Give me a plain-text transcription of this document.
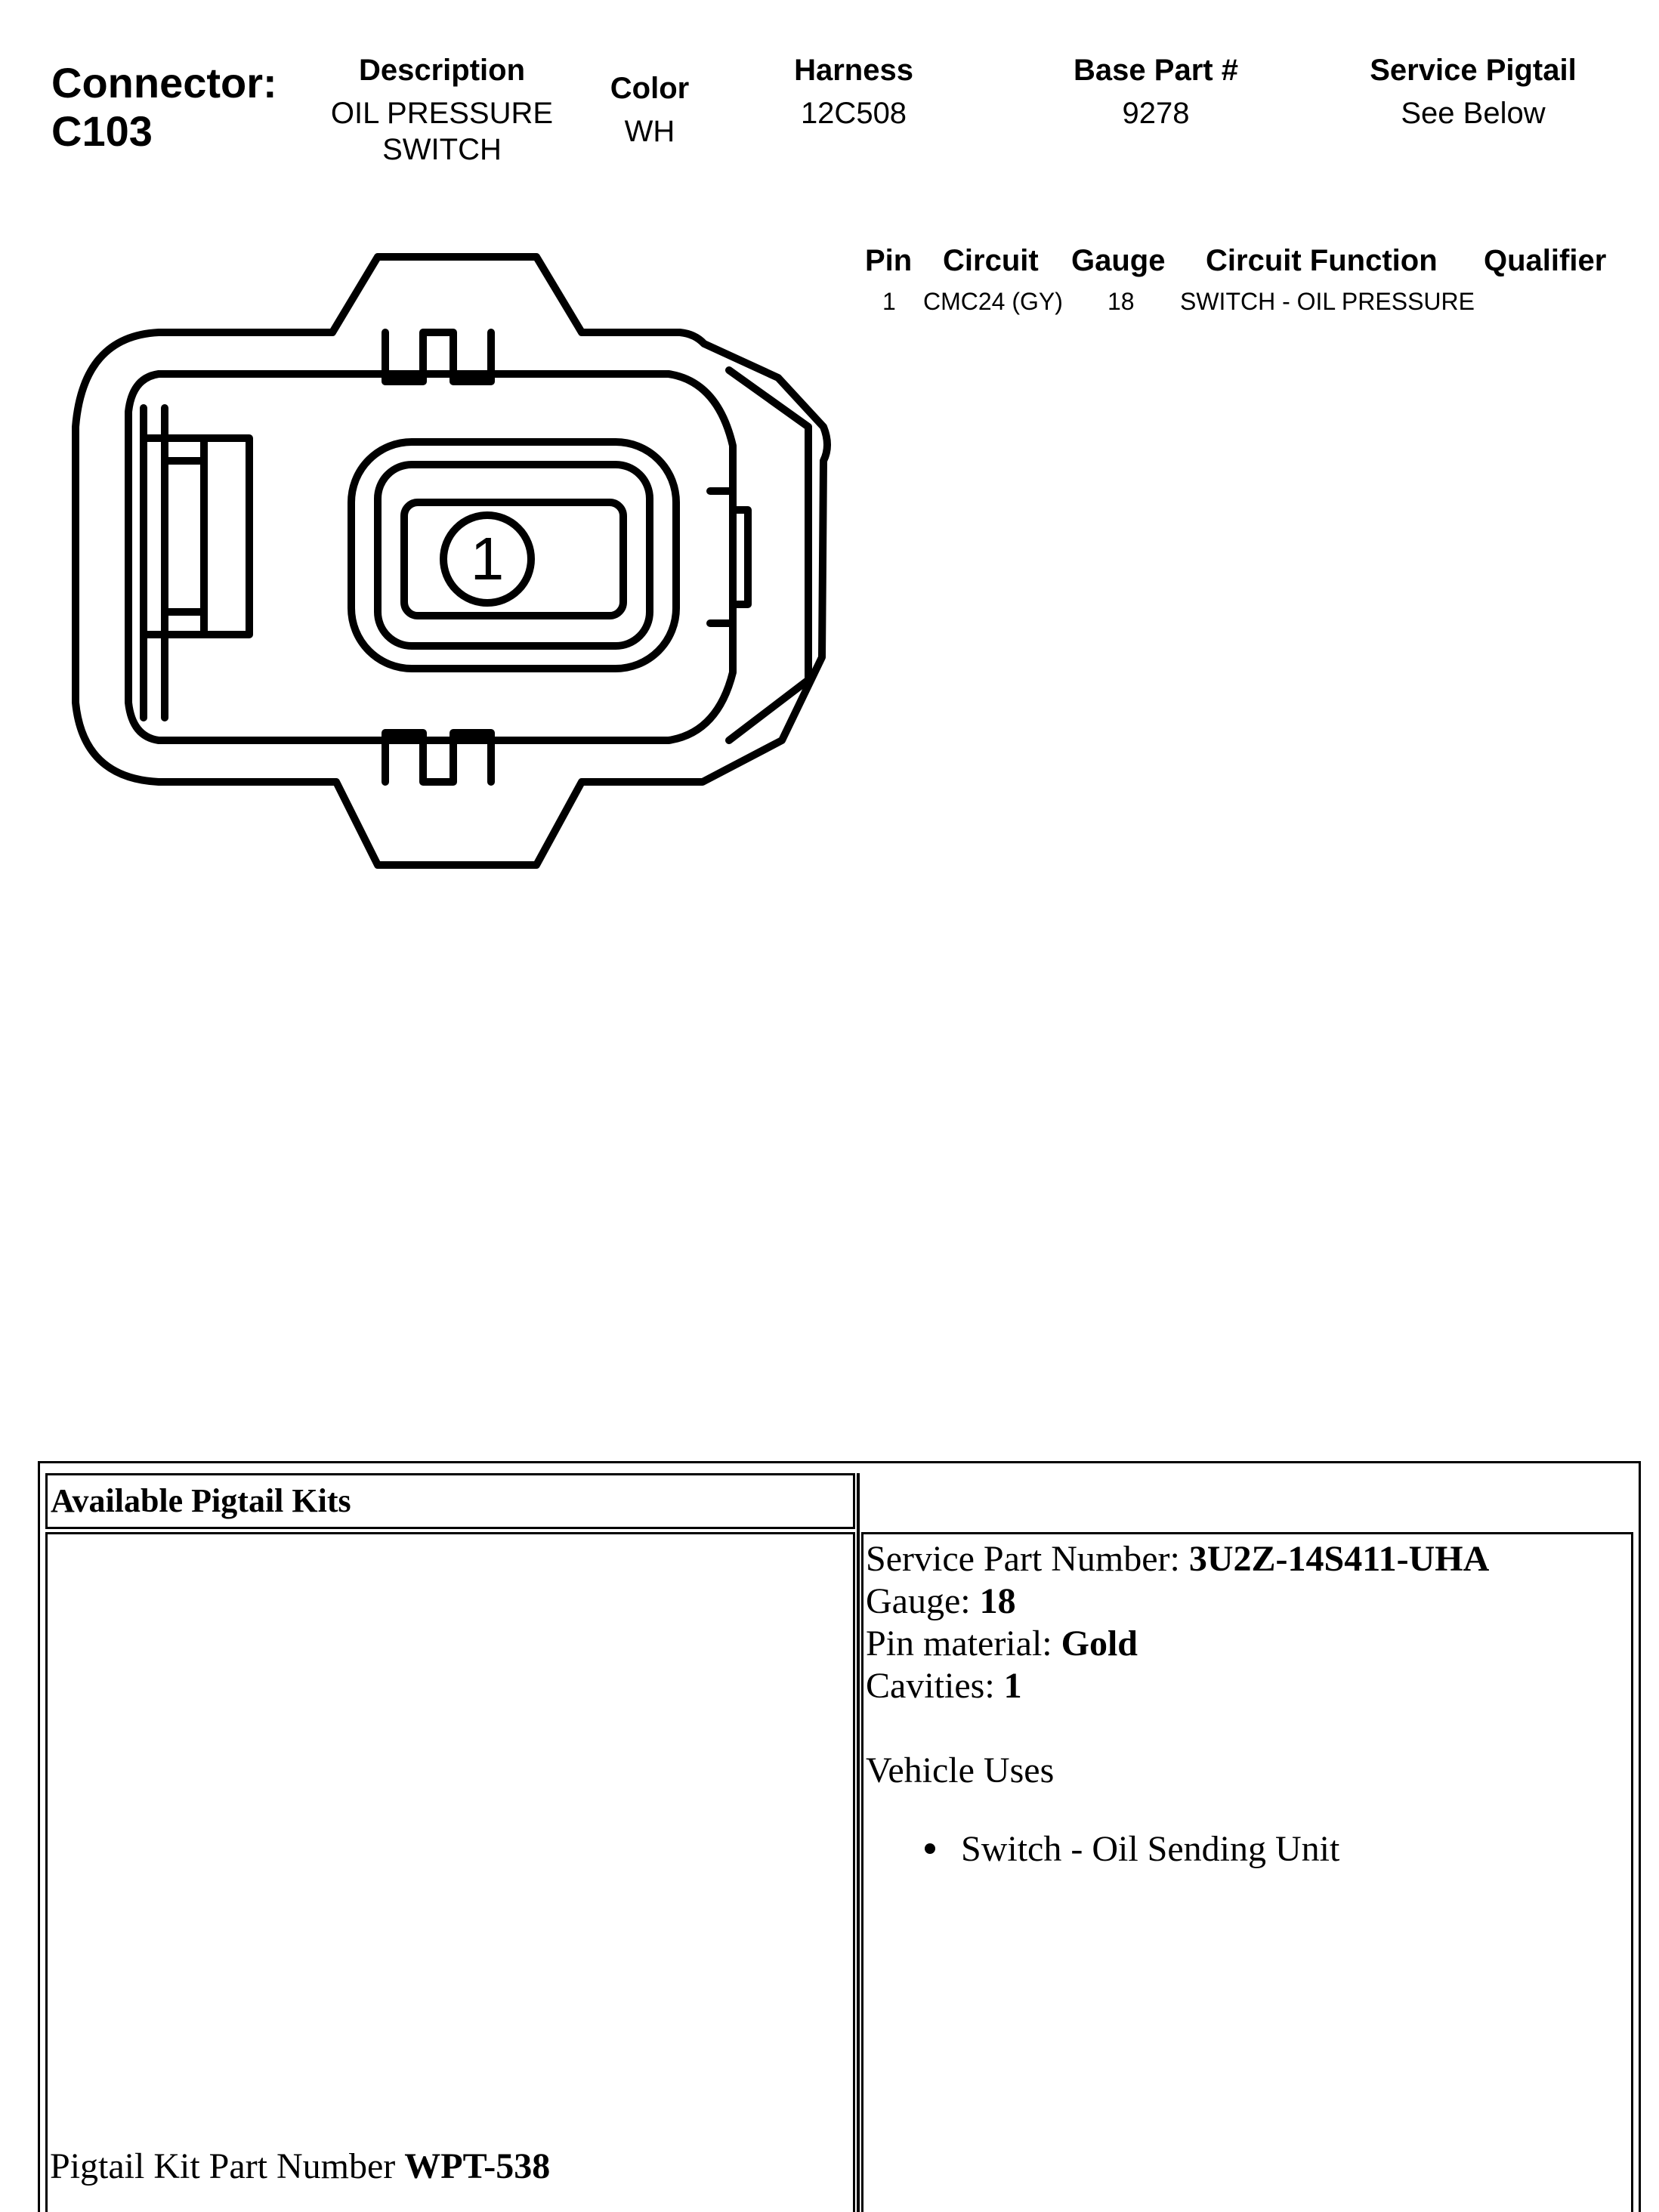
Connector:
C103
Description
OIL PRESSURE
SWITCH
Color
WH
Harness
12C508
Base Part #
9278
Service Pigtail
See Below
Pin Circuit Gauge Circuit Function Qualifier
1 CMC24 (GY) 18 SWITCH - OIL PRESSURE
1
Available Pigtail Kits
Pigtail Kit Part Number WPT-538
Service Part Number: 3U2Z-14S411-UHA
Gauge: 18
Pin material: Gold
Cavities: 1
Vehicle Uses
Switch - Oil Sending Unit
